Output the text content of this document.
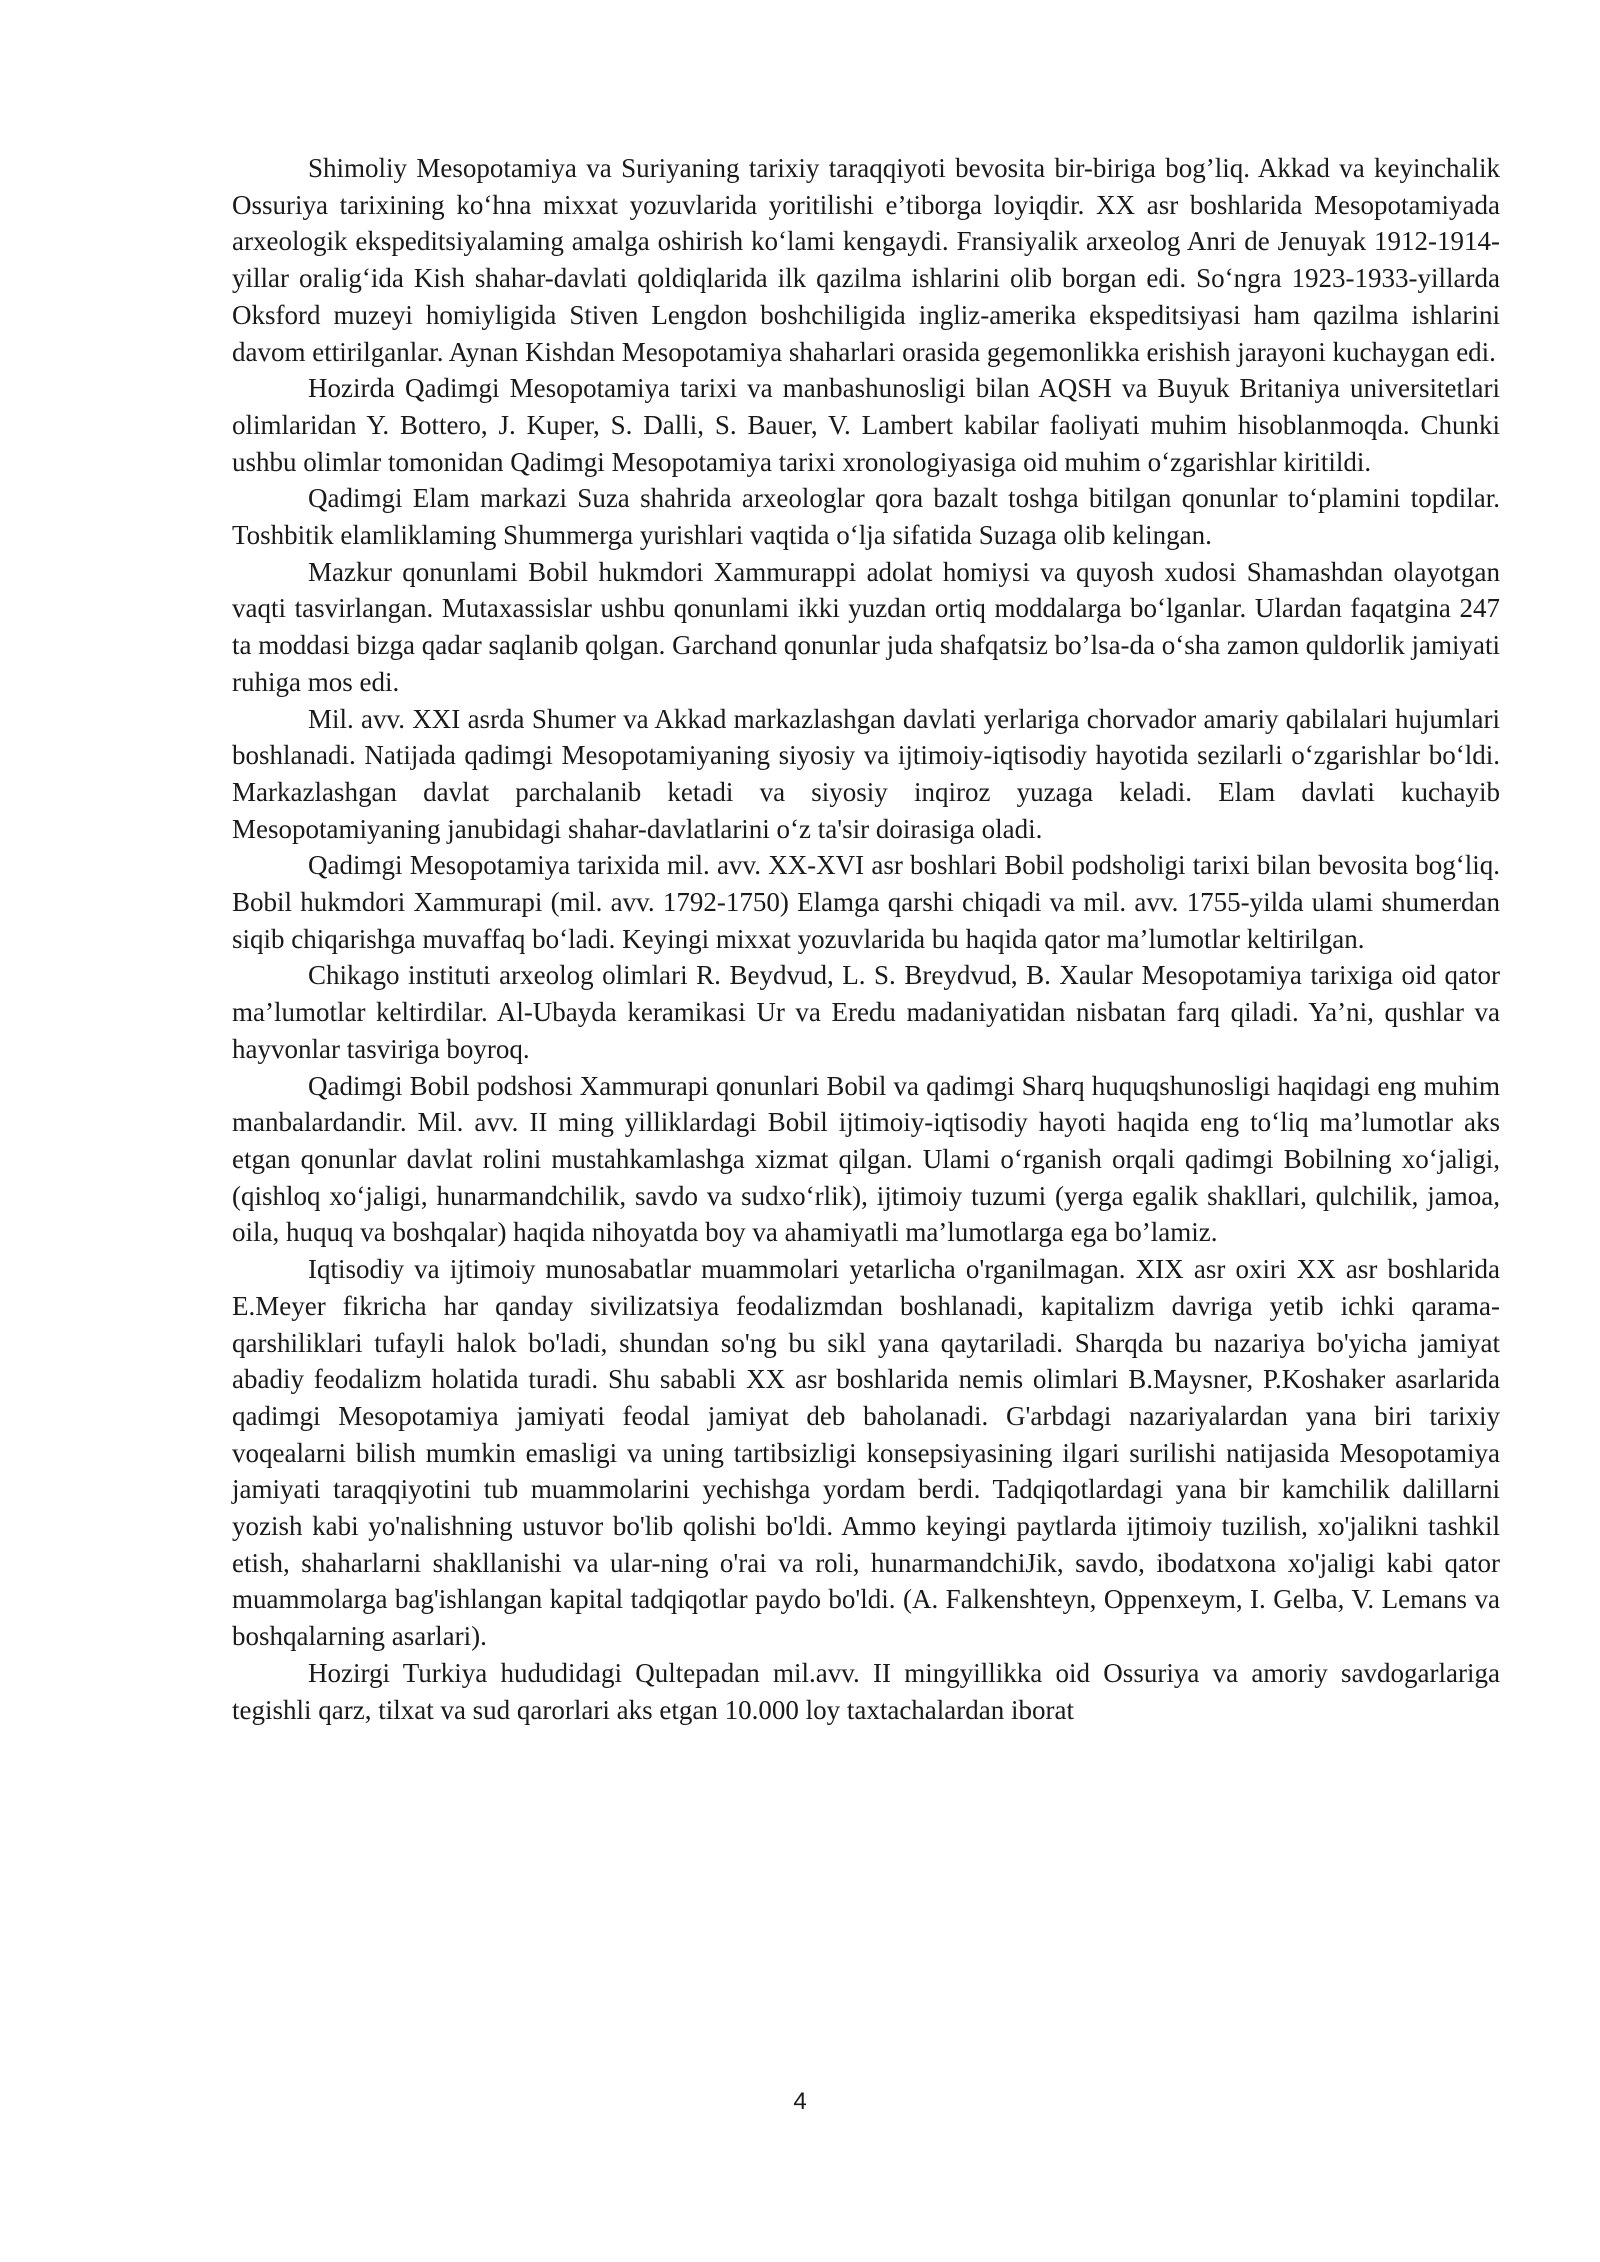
Shimoliy Mesopotamiya va Suriyaning tarixiy taraqqiyoti bevosita bir-biriga bog’liq. Akkad va keyinchalik Ossuriya tarixining ko‘hna mixxat yozuvlarida yoritilishi e’tiborga loyiqdir. XX asr boshlarida Mesopotamiyada arxeologik ekspeditsiyalaming amalga oshirish ko‘lami kengaydi. Fransiyalik arxeolog Anri de Jenuyak 1912-1914- yillar oralig‘ida Kish shahar-davlati qoldiqlarida ilk qazilma ishlarini olib borgan edi. So‘ngra 1923-1933-yillarda Oksford muzeyi homiyligida Stiven Lengdon boshchiligida ingliz-amerika ekspeditsiyasi ham qazilma ishlarini davom ettirilganlar. Aynan Kishdan Mesopotamiya shaharlari orasida gegemonlikka erishish jarayoni kuchaygan edi.

Hozirda Qadimgi Mesopotamiya tarixi va manbashunosligi bilan AQSH va Buyuk Britaniya universitetlari olimlaridan Y. Bottero, J. Kuper, S. Dalli, S. Bauer, V. Lambert kabilar faoliyati muhim hisoblanmoqda. Chunki ushbu olimlar tomonidan Qadimgi Mesopotamiya tarixi xronologiyasiga oid muhim o‘zgarishlar kiritildi.

Qadimgi Elam markazi Suza shahrida arxeologlar qora bazalt toshga bitilgan qonunlar to‘plamini topdilar. Toshbitik elamliklaming Shummerga yurishlari vaqtida o‘lja sifatida Suzaga olib kelingan.

Mazkur qonunlami Bobil hukmdori Xammurappi adolat homiysi va quyosh xudosi Shamashdan olayotgan vaqti tasvirlangan. Mutaxassislar ushbu qonunlami ikki yuzdan ortiq moddalarga bo‘lganlar. Ulardan faqatgina 247 ta moddasi bizga qadar saqlanib qolgan. Garchand qonunlar juda shafqatsiz bo’lsa-da o‘sha zamon quldorlik jamiyati ruhiga mos edi.

Mil. avv. XXI asrda Shumer va Akkad markazlashgan davlati yerlariga chorvador amariy qabilalari hujumlari boshlanadi. Natijada qadimgi Mesopotamiyaning siyosiy va ijtimoiy-iqtisodiy hayotida sezilarli o‘zgarishlar bo‘ldi. Markazlashgan davlat parchalanib ketadi va siyosiy inqiroz yuzaga keladi. Elam davlati kuchayib Mesopotamiyaning janubidagi shahar-davlatlarini o‘z ta'sir doirasiga oladi.

Qadimgi Mesopotamiya tarixida mil. avv. XX-XVI asr boshlari Bobil podsholigi tarixi bilan bevosita bog‘liq. Bobil hukmdori Xammurapi (mil. avv. 1792-1750) Elamga qarshi chiqadi va mil. avv. 1755-yilda ulami shumerdan siqib chiqarishga muvaffaq bo‘ladi. Keyingi mixxat yozuvlarida bu haqida qator ma’lumotlar keltirilgan.

Chikago instituti arxeolog olimlari R. Beydvud, L. S. Breydvud, B. Xaular Mesopotamiya tarixiga oid qator ma’lumotlar keltirdilar. Al-Ubayda keramikasi Ur va Eredu madaniyatidan nisbatan farq qiladi. Ya’ni, qushlar va hayvonlar tasviriga boyroq.

Qadimgi Bobil podshosi Xammurapi qonunlari Bobil va qadimgi Sharq huquqshunosligi haqidagi eng muhim manbalardandir. Mil. avv. II ming yilliklardagi Bobil ijtimoiy-iqtisodiy hayoti haqida eng to‘liq ma’lumotlar aks etgan qonunlar davlat rolini mustahkamlashga xizmat qilgan. Ulami o‘rganish orqali qadimgi Bobilning xo‘jaligi, (qishloq xo‘jaligi, hunarmandchilik, savdo va sudxo‘rlik), ijtimoiy tuzumi (yerga egalik shakllari, qulchilik, jamoa, oila, huquq va boshqalar) haqida nihoyatda boy va ahamiyatli ma’lumotlarga ega bo’lamiz.

Iqtisodiy va ijtimoiy munosabatlar muammolari yetarlicha o'rganilmagan. XIX asr oxiri XX asr boshlarida E.Meyer fikricha har qanday sivilizatsiya feodalizmdan boshlanadi, kapitalizm davriga yetib ichki qarama-qarshiliklari tufayli halok bo'ladi, shundan so'ng bu sikl yana qaytariladi. Sharqda bu nazariya bo'yicha jamiyat abadiy feodalizm holatida turadi. Shu sababli XX asr boshlarida nemis olimlari B.Maysner, P.Koshaker asarlarida qadimgi Mesopotamiya jamiyati feodal jamiyat deb baholanadi. G'arbdagi nazariyalardan yana biri tarixiy voqealarni bilish mumkin emasligi va uning tartibsizligi konsepsiyasining ilgari surilishi natijasida Mesopotamiya jamiyati taraqqiyotini tub muammolarini yechishga yordam berdi. Tadqiqotlardagi yana bir kamchilik dalillarni yozish kabi yo'nalishning ustuvor bo'lib qolishi bo'ldi. Ammo keyingi paytlarda ijtimoiy tuzilish, xo'jalikni tashkil etish, shaharlarni shakllanishi va ular-ning o'rai va roli, hunarmandchiJik, savdo, ibodatxona xo'jaligi kabi qator muammolarga bag'ishlangan kapital tadqiqotlar paydo bo'ldi. (A. Falkenshteyn, Oppenxeym, I. Gelba, V. Lemans va boshqalarning asarlari).

Hozirgi Turkiya hududidagi Qultepadan mil.avv. II mingyillikka oid Ossuriya va amoriy savdogarlariga tegishli qarz, tilxat va sud qarorlari aks etgan 10.000 loy taxtachalardan iborat

4
